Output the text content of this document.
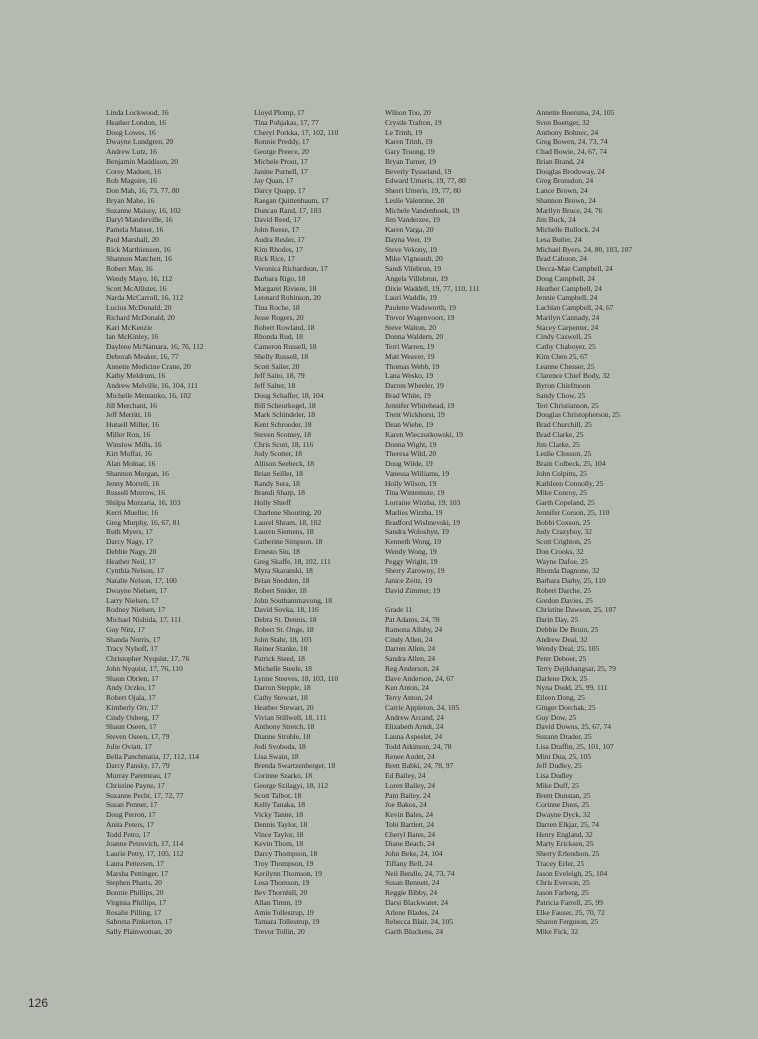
Linda Lockwood, 16
Heather London, 16
Doug Lowes, 16
Dwayne Lundgren, 20
Andrew Lutz, 16
Benjamin Maddison, 20
Corey Madsen, 16
Rob Maguire, 16
Don Mah, 16, 73, 77, 80
Bryan Mahe, 16
Suzanne Maisey, 16, 102
Daryl Manderville, 16
Pamela Manser, 16
Paul Marshall, 20
Rick Marthiensen, 16
Shannon Matchett, 16
Robert May, 16
Wendy Mayo, 16, 112
Scott McAllister, 16
Narda McCarroll, 16, 112
Lucius McDonald, 20
Richard McDonald, 20
Kari McKenzie
Ian McKinley, 16
Daylene McNamara, 16, 76, 112
Deborah Meaker, 16, 77
Annette Medicine Crane, 20
Kathy Meldrum, 16
Andrew Melville, 16, 104, 111
Michelle Mentanko, 16, 102
Jill Merchant, 16
Jeff Merritt, 16
Hutsell Miller, 16
Miller Ron, 16
Winslow Mills, 16
Kirt Moffat, 16
Alan Molnar, 16
Shannon Morgan, 16
Jenny Morrell, 16
Russell Morrow, 16
Shilpa Morzaria, 16, 103
Kerri Mueller, 16
Greg Murphy, 16, 67, 81
Ruth Myers, 17
Darcy Nagy, 17
Debbie Nagy, 20
Heather Neil, 17
Cynthia Nelson, 17
Natalie Nelson, 17, 100
Dwayne Nielsen, 17
Larry Nielsen, 17
Rodney Nielsen, 17
Michael Nishida, 17, 111
Guy Nitz, 17
Shanda Norris, 17
Tracy Nyhoff, 17
Christopher Nyquist, 17, 76
John Nyquist, 17, 76, 110
Shaun Obrien, 17
Andy Oczko, 17
Robert Ojala, 17
Kimberly Orr, 17
Cindy Osberg, 17
Shaun Oseen, 17
Steven Oseen, 17, 79
Julie Oviatt, 17
Bella Panchmatia, 17, 112, 114
Darcy Pansky, 17, 79
Murray Parenteau, 17
Christine Payne, 17
Suzanne Pecht, 17, 72, 77
Susan Penner, 17
Doug Perron, 17
Anita Peters, 17
Todd Petro, 17
Joanne Petrovich, 17, 114
Laurie Petry, 17, 105, 112
Laura Pettersen, 17
Marsha Pettinger, 17
Stephen Pharis, 20
Bonnie Phillips, 20
Virginia Phillips, 17
Rosalie Pilling, 17
Sabrena Pinkerton, 17
Sally Plainwoman, 20
Lloyd Plomp, 17
Tina Pohjakas, 17, 77
Cheryl Porkka, 17, 102, 110
Ronnie Preddy, 17
George Preece, 20
Michele Prout, 17
Janine Purnell, 17
Jay Quan, 17
Darcy Quapp, 17
Raegan Quittenbaum, 17
Duncan Rand, 17, 103
David Reed, 17
John Reese, 17
Audra Resler, 17
Kim Rhodes, 17
Rick Rice, 17
Veronica Richardson, 17
Barbara Rigo, 18
Margaret Riviere, 18
Leonard Robinson, 20
Tina Roche, 18
Jesse Rogers, 20
Robert Rowland, 18
Rhonda Rud, 18
Cameron Russell, 18
Shelly Russell, 18
Scott Sailer, 20
Jeff Saito, 18, 79
Jeff Salter, 18
Doug Schaffer, 18, 104
Bill Scheurkogel, 18
Mark Schindeler, 18
Kent Schroeder, 18
Steven Scotney, 18
Chris Scott, 18, 116
Jody Scotter, 18
Allison Seebeck, 18
Brian Seiller, 18
Randy Sera, 18
Brandi Sharp, 18
Holly Shieff
Charlene Shouting, 20
Laurel Shram, 18, 102
Lauren Siemens, 18
Catherine Simpson, 18
Ernesto Siu, 18
Greg Skaffe, 18, 102, 111
Myra Skaranski, 18
Brian Snedden, 18
Robert Snider, 18
John Southammavong, 18
David Sovka, 18, 116
Debra St. Dennis, 18
Robert St. Onge, 18
John Stahr, 18, 103
Reiner Stanke, 18
Patrick Steed, 18
Michelle Steele, 18
Lynne Steeves, 18, 103, 110
Darron Stepple, 18
Cathy Stewart, 18
Heather Stewart, 20
Vivian Stillwell, 18, 111
Anthony Stretch, 18
Dianne Struble, 18
Jodi Svoboda, 18
Lisa Swain, 18
Brenda Swartzenberger, 18
Corinne Szarko, 18
George Szilagyi, 18, 112
Scott Talbot, 18
Kelly Tanaka, 18
Vicky Tanne, 18
Dennis Taylor, 18
Vince Taylor, 18
Kevin Thom, 18
Darcy Thompson, 18
Troy Thompson, 19
Kerilynn Thomson, 19
Lesa Thomson, 19
Bev Thornhill, 20
Allan Timm, 19
Amie Tollestrup, 19
Tamara Tollestrup, 19
Trevor Tollin, 20
Wilson Too, 20
Crystle Trafton, 19
Le Trinh, 19
Karen Trinh, 19
Gary Truong, 19
Bryan Turner, 19
Beverly Tysseland, 19
Edward Umeris, 19, 77, 80
Sherri Umeris, 19, 77, 80
Leslie Valentine, 20
Michele Vandenhoek, 19
Jim Vanderzee, 19
Karen Varga, 20
Dayna Veer, 19
Steve Vekony, 19
Mike Vigneault, 20
Sandi Vilebrun, 19
Angela Villebrun, 19
Dixie Waddell, 19, 77, 110, 111
Lauri Waddle, 19
Paulette Wadsworth, 19
Trevor Wagenvoort, 19
Steve Walton, 20
Donna Waldern, 20
Terri Warren, 19
Matt Weaver, 19
Thomas Webb, 19
Lana Wesko, 19
Darren Wheeler, 19
Brad White, 19
Jennifer Whitehead, 19
Trent Wickhorst, 19
Dean Wiebe, 19
Karen Wieczorkowski, 19
Donna Wight, 19
Theresa Wild, 20
Doug Wilde, 19
Vanessa Williams, 19
Holly Wilson, 19
Tina Wintemute, 19
Lorraine Wirzba, 19, 103
Marlies Wirzba, 19
Bradford Wishnevski, 19
Sandra Woloshyn, 19
Kenneth Wong, 19
Wendy Wong, 19
Peggy Wright, 19
Sherry Zarowny, 19
Janice Zeitz, 19
David Zimmer, 19
Grade 11
Pat Adams, 24, 78
Ramona Allsby, 24
Cindy Allen, 24
Darren Allen, 24
Sandra Allen, 24
Reg Anderson, 24
Dave Anderson, 24, 67
Ken Anton, 24
Terry Anton, 24
Carrie Appleton, 24, 105
Andrew Arcand, 24
Elizabeth Arndt, 24
Launa Aspeslet, 24
Todd Atkinson, 24, 78
Renee Audet, 24
Brett Babki, 24, 78, 97
Ed Bailey, 24
Loren Bailey, 24
Pam Bailey, 24
Joe Bakos, 24
Kevin Bales, 24
Tobi Bartlett, 24
Cheryl Bates, 24
Diane Beach, 24
John Beke, 24, 104
Tiffany Bell, 24
Neil Bendle, 24, 73, 74
Susan Bennett, 24
Reggie Bibby, 24
Darsi Blackwater, 24
Arlene Blades, 24
Rebecca Blair, 24, 105
Garth Bluckens, 24
Annette Boersma, 24, 105
Sven Boettger, 32
Anthony Bohnec, 24
Greg Bowen, 24, 73, 74
Chad Bowie, 24, 67, 74
Brian Brand, 24
Douglas Brodoway, 24
Greg Bronsdon, 24
Lance Brown, 24
Shannon Brown, 24
Marilyn Bruce, 24, 76
Jim Buck, 24
Michelle Bullock, 24
Lesa Butler, 24
Michael Byers, 24, 80, 103, 107
Brad Cahoon, 24
Decca-Mae Campbell, 24
Doug Campbell, 24
Heather Campbell, 24
Jennie Campbell, 24
Lachlan Campbell, 24, 67
Marilyn Cannady, 24
Stacey Carpenter, 24
Cindy Caswell, 25
Cathy Chaboyer, 25
Kim Chen 25, 67
Leanne Chesser, 25
Clarence Chief Body, 32
Byron Chiefmoon
Sandy Chow, 25
Teri Christianson, 25
Douglas Christopherson, 25
Brad Churchill, 25
Brad Clarke, 25
Jim Clarke, 25
Leslie Closson, 25
Brain Colbeck, 25, 104
John Colpitts, 25
Kathleen Connolly, 25
Mike Conroy, 25
Garth Copeland, 25
Jennifer Corson, 25, 110
Bobbi Coxson, 25
Judy Crazyboy, 32
Scott Crighton, 25
Don Crooks, 32
Wayne Dafoe, 25
Rhonda Dagnone, 32
Barbara Darby, 25, 110
Robert Darche, 25
Gordon Davies, 25
Christine Dawson, 25, 107
Darin Day, 25
Debbie De Bruin, 25
Andrew Deal, 32
Wendy Deal, 25, 105
Peter Deboer, 25
Terry Dejikhangsar, 25, 79
Darlene Dick, 25
Nyna Dodd, 25, 99, 111
Eileen Dong, 25
Ginger Dorchak, 25
Guy Dow, 25
David Downs, 25, 67, 74
Suzann Drader, 25
Lisa Draffin, 25, 101, 107
Mini Dua, 25, 105
Jeff Dudley, 25
Lisa Dudley
Mike Duff, 25
Brent Dunstan, 25
Corinne Duus, 25
Dwayne Dyck, 32
Darren Elkjar, 25, 74
Henry England, 32
Marty Ericksen, 25
Sherry Erlendson, 25
Tracey Erler, 25
Jason Eveleigh, 25, 104
Chris Everson, 25
Jason Farberg, 25
Patricia Farrell, 25, 99
Elke Fauser, 25, 70, 72
Sharon Ferguson, 25
Mike Fick, 32
126
